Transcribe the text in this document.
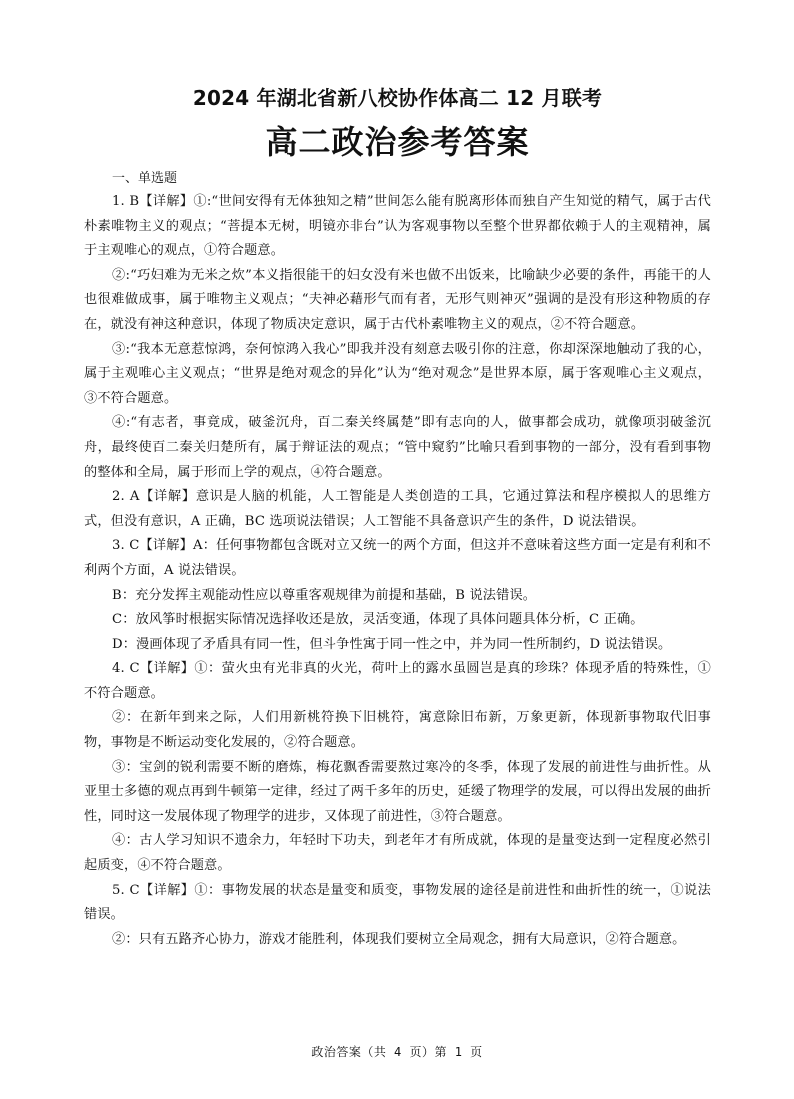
2024 年湖北省新八校协作体高二 12 月联考
高二政治参考答案

一、单选题

1. B【详解】①:“世间安得有无体独知之精”世间怎么能有脱离形体而独自产生知觉的精气，属于古代朴素唯物主义的观点；“菩提本无树，明镜亦非台”认为客观事物以至整个世界都依赖于人的主观精神，属于主观唯心的观点，①符合题意。

②:“巧妇难为无米之炊”本义指很能干的妇女没有米也做不出饭来，比喻缺少必要的条件，再能干的人也很难做成事，属于唯物主义观点；“夫神必藉形气而有者，无形气则神灭”强调的是没有形这种物质的存在，就没有神这种意识，体现了物质决定意识，属于古代朴素唯物主义的观点，②不符合题意。

③:“我本无意惹惊鸿，奈何惊鸿入我心”即我并没有刻意去吸引你的注意，你却深深地触动了我的心，属于主观唯心主义观点；“世界是绝对观念的异化”认为“绝对观念”是世界本原，属于客观唯心主义观点，③不符合题意。

④:“有志者，事竟成，破釜沉舟，百二秦关终属楚”即有志向的人，做事都会成功，就像项羽破釜沉舟，最终使百二秦关归楚所有，属于辩证法的观点；“管中窥豹”比喻只看到事物的一部分，没有看到事物的整体和全局，属于形而上学的观点，④符合题意。

2. A【详解】意识是人脑的机能，人工智能是人类创造的工具，它通过算法和程序模拟人的思维方式，但没有意识，A 正确，BC 选项说法错误；人工智能不具备意识产生的条件，D 说法错误。

3. C【详解】A：任何事物都包含既对立又统一的两个方面，但这并不意味着这些方面一定是有利和不利两个方面，A 说法错误。

B：充分发挥主观能动性应以尊重客观规律为前提和基础，B 说法错误。

C：放风筝时根据实际情况选择收还是放，灵活变通，体现了具体问题具体分析，C 正确。

D：漫画体现了矛盾具有同一性，但斗争性寓于同一性之中，并为同一性所制约，D 说法错误。

4. C【详解】①：萤火虫有光非真的火光，荷叶上的露水虽圆岂是真的珍珠？体现矛盾的特殊性，①不符合题意。

②：在新年到来之际，人们用新桃符换下旧桃符，寓意除旧布新，万象更新，体现新事物取代旧事物，事物是不断运动变化发展的，②符合题意。

③：宝剑的锐利需要不断的磨炼，梅花飘香需要熬过寒冷的冬季，体现了发展的前进性与曲折性。从亚里士多德的观点再到牛顿第一定律，经过了两千多年的历史，延缓了物理学的发展，可以得出发展的曲折性，同时这一发展体现了物理学的进步，又体现了前进性，③符合题意。

④：古人学习知识不遗余力，年轻时下功夫，到老年才有所成就，体现的是量变达到一定程度必然引起质变，④不符合题意。

5. C【详解】①：事物发展的状态是量变和质变，事物发展的途径是前进性和曲折性的统一，①说法错误。

②：只有五路齐心协力，游戏才能胜利，体现我们要树立全局观念，拥有大局意识，②符合题意。

政治答案（共 4 页）第 1 页
